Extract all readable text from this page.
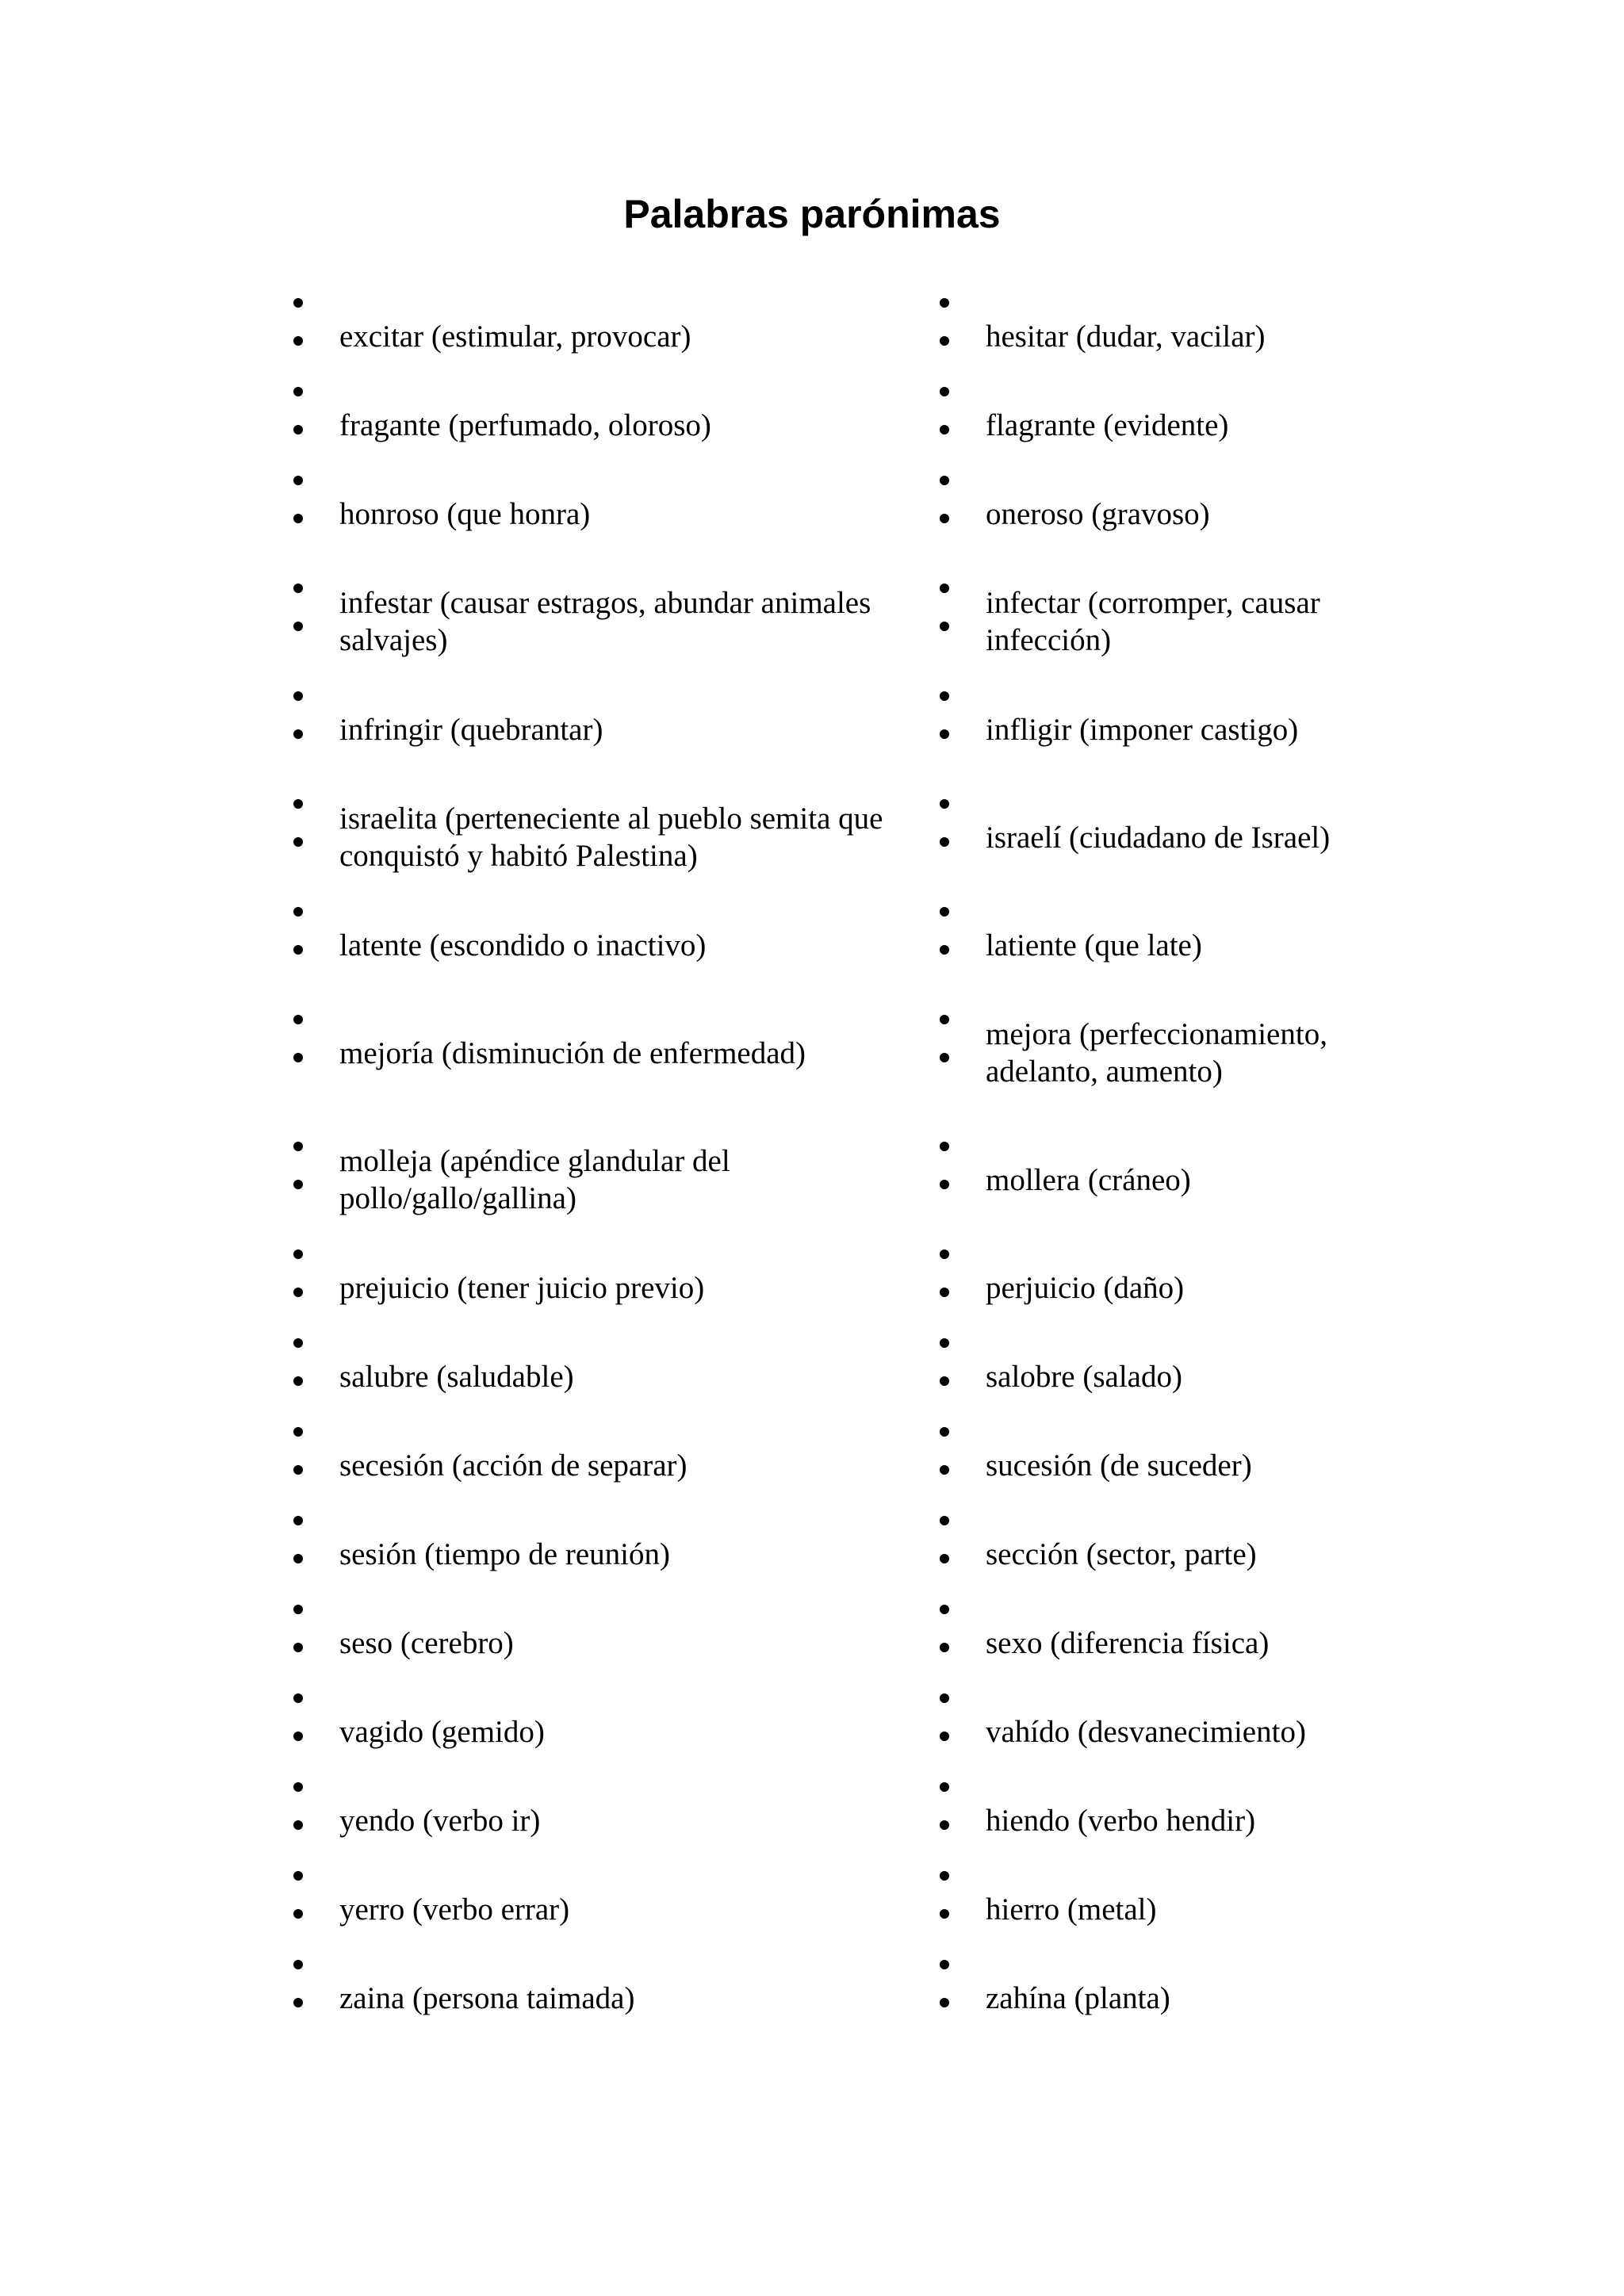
Palabras parónimas
excitar (estimular, provocar)
fragante (perfumado, oloroso)
honroso (que honra)
infestar (causar estragos, abundar animales salvajes)
infringir (quebrantar)
israelita (perteneciente al pueblo semita que conquistó y habitó Palestina)
latente (escondido o inactivo)
mejoría (disminución de enfermedad)
molleja (apéndice glandular del pollo/gallo/gallina)
prejuicio (tener juicio previo)
salubre (saludable)
secesión (acción de separar)
sesión (tiempo de reunión)
seso (cerebro)
vagido (gemido)
yendo (verbo ir)
yerro (verbo errar)
zaina (persona taimada)
hesitar (dudar, vacilar)
flagrante (evidente)
oneroso (gravoso)
infectar (corromper, causar infección)
infligir (imponer castigo)
israelí (ciudadano de Israel)
latiente (que late)
mejora (perfeccionamiento, adelanto, aumento)
mollera (cráneo)
perjuicio (daño)
salobre (salado)
sucesión (de suceder)
sección (sector, parte)
sexo (diferencia física)
vahído (desvanecimiento)
hiendo (verbo hendir)
hierro (metal)
zahína (planta)
